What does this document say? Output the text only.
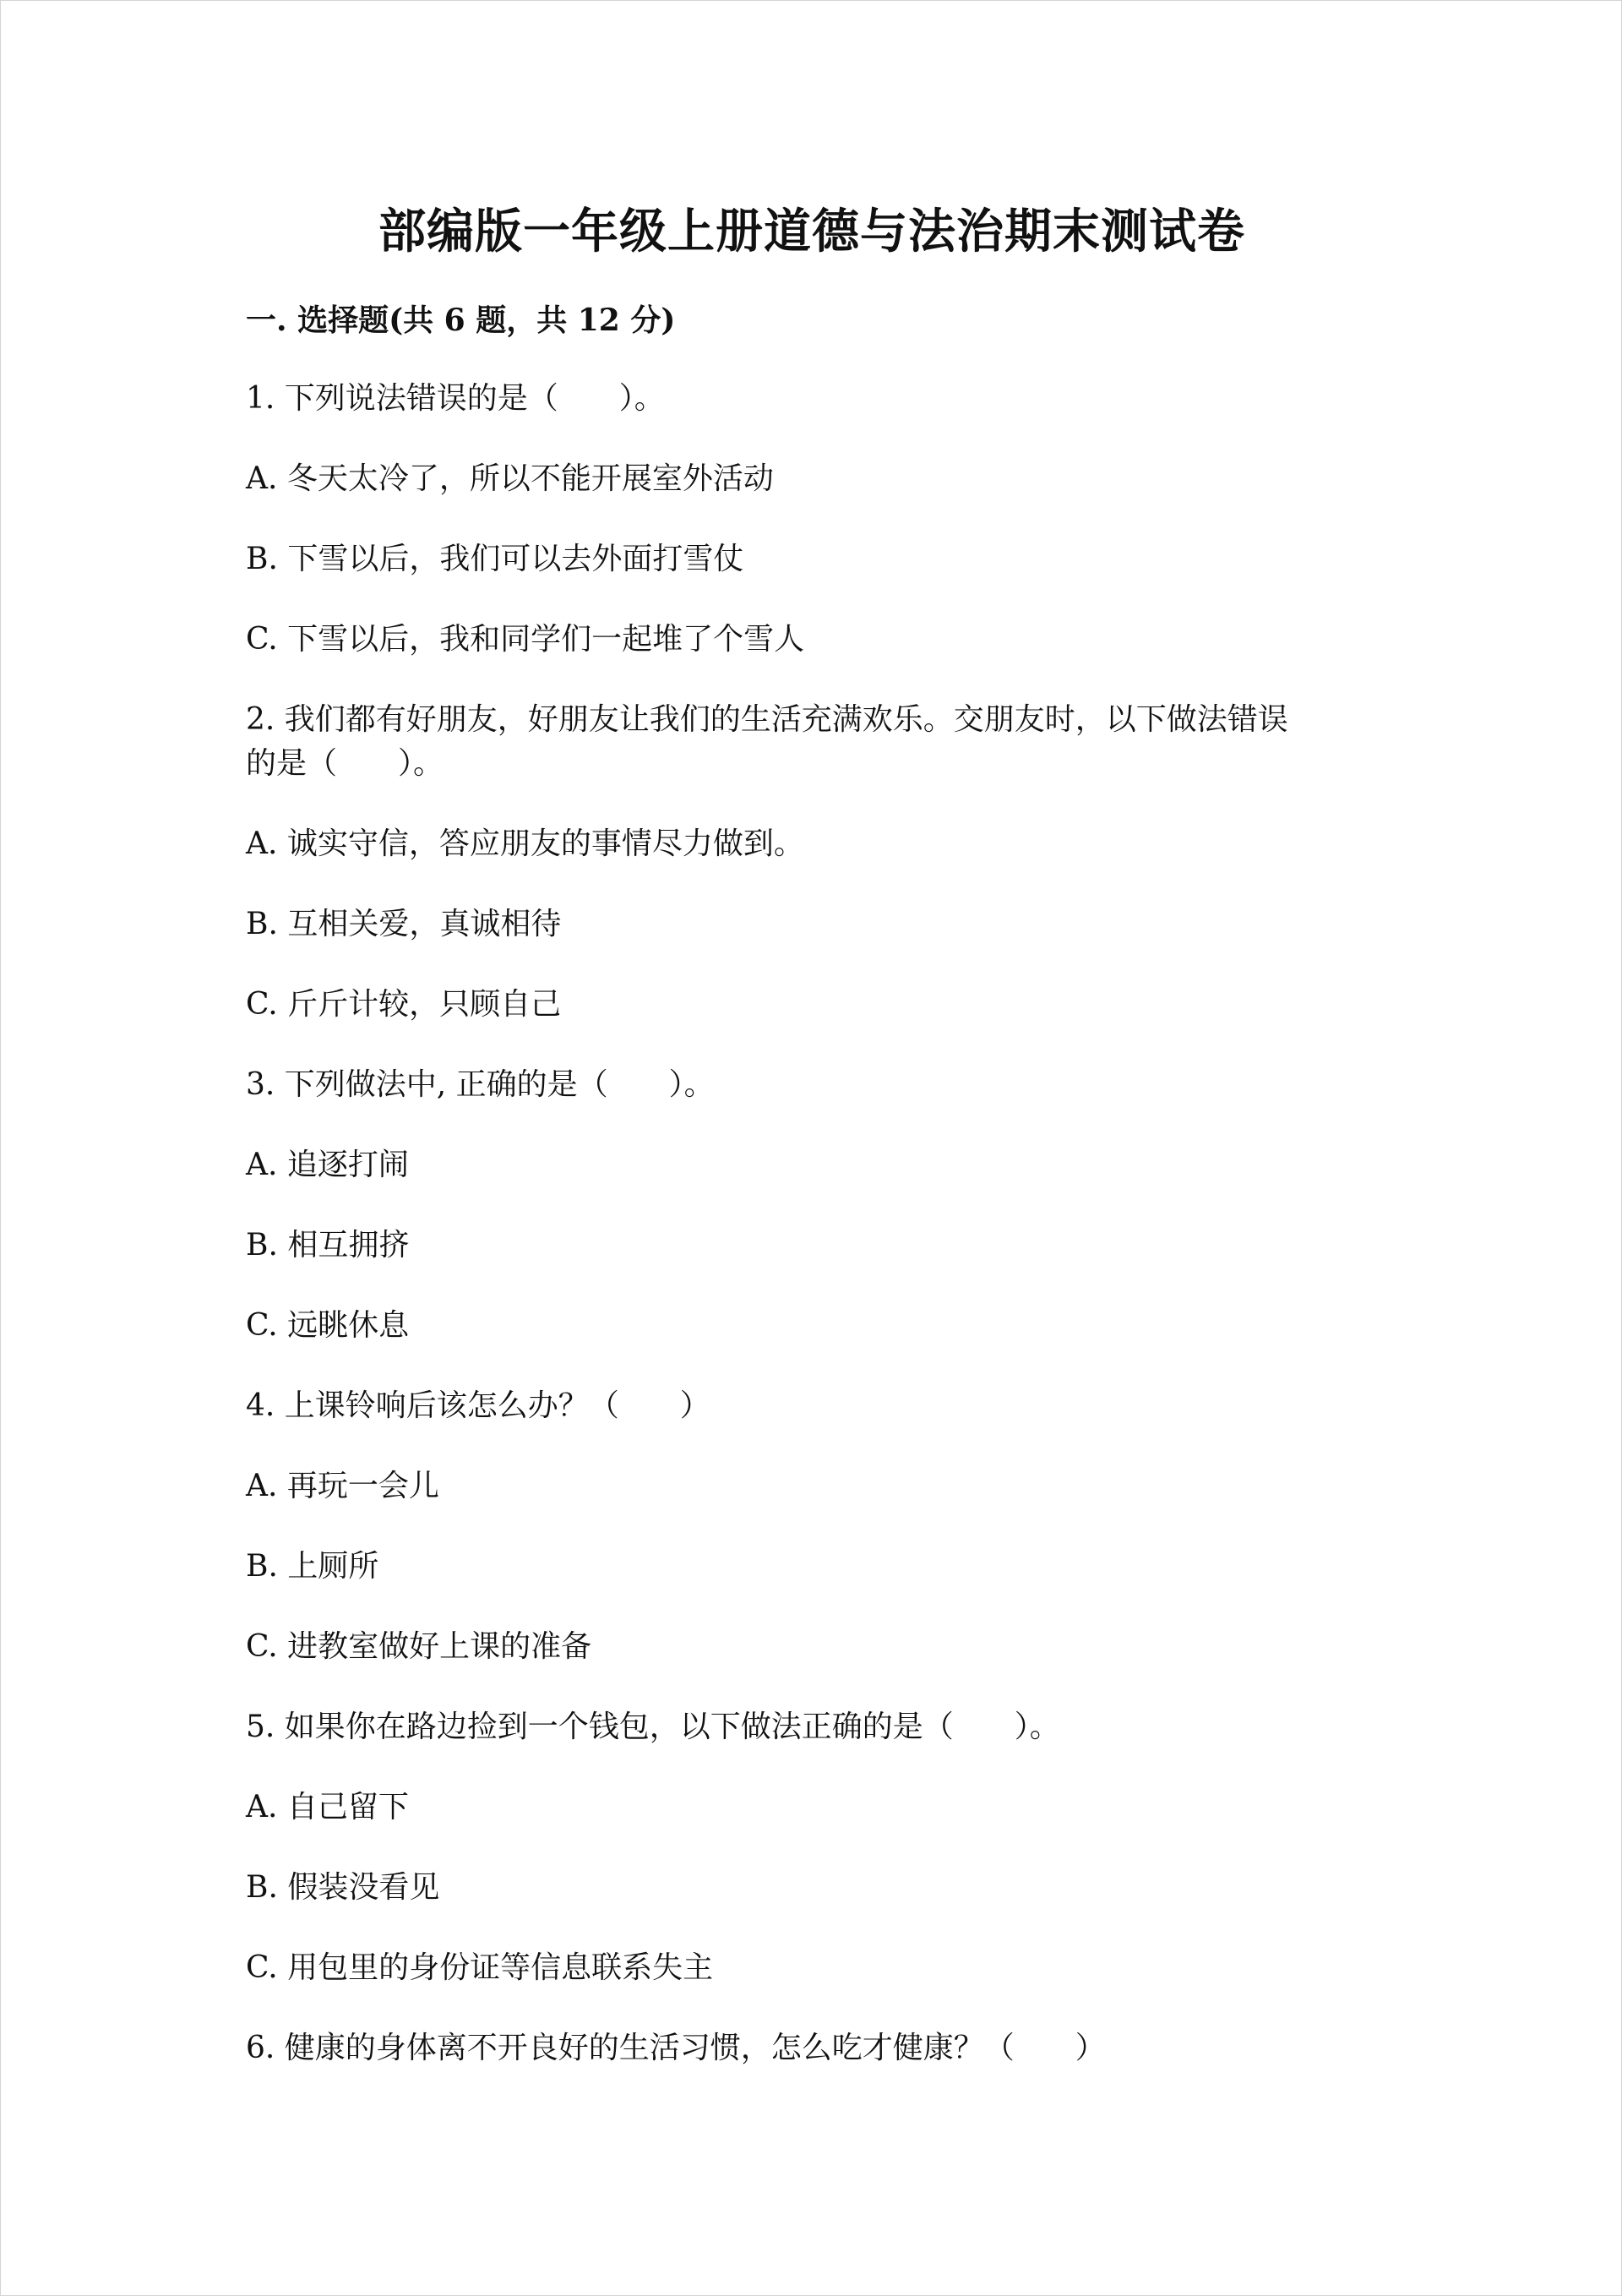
部编版一年级上册道德与法治期末测试卷
一. 选择题(共 6 题，共 12 分)

1. 下列说法错误的是（　　）。

A. 冬天太冷了，所以不能开展室外活动

B. 下雪以后，我们可以去外面打雪仗

C. 下雪以后，我和同学们一起堆了个雪人

2. 我们都有好朋友，好朋友让我们的生活充满欢乐。交朋友时，以下做法错误

的是（　　）。

A. 诚实守信，答应朋友的事情尽力做到。

B. 互相关爱，真诚相待

C. 斤斤计较，只顾自己

3. 下列做法中, 正确的是（　　）。

A. 追逐打闹

B. 相互拥挤

C. 远眺休息

4. 上课铃响后该怎么办？（　　）

A. 再玩一会儿

B. 上厕所

C. 进教室做好上课的准备

5. 如果你在路边捡到一个钱包，以下做法正确的是（　　）。

A. 自己留下

B. 假装没看见

C. 用包里的身份证等信息联系失主

6. 健康的身体离不开良好的生活习惯，怎么吃才健康？（　　）
